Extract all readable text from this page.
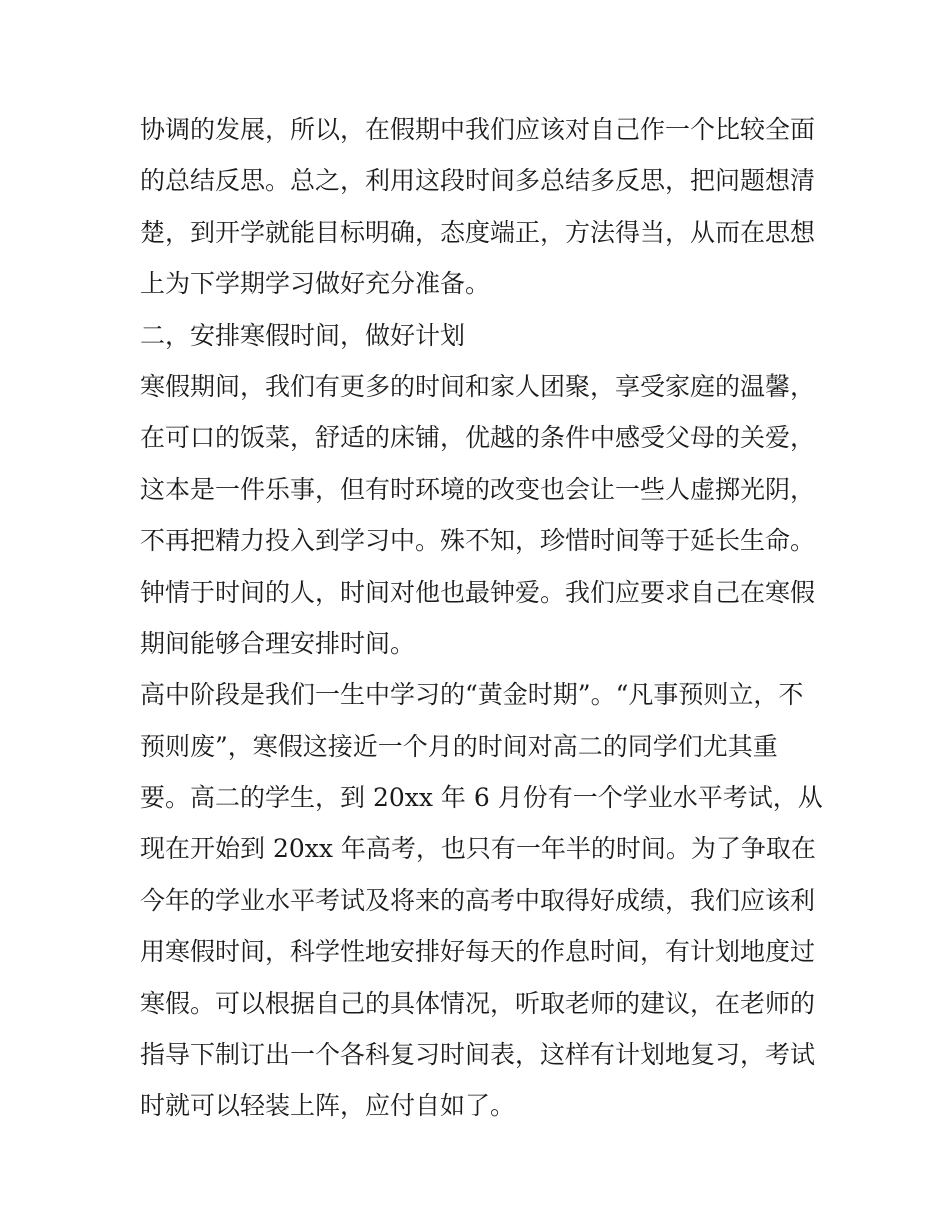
协调的发展，所以，在假期中我们应该对自己作一个比较全面
的总结反思。总之，利用这段时间多总结多反思，把问题想清
楚，到开学就能目标明确，态度端正，方法得当，从而在思想
上为下学期学习做好充分准备。
二，安排寒假时间，做好计划
寒假期间，我们有更多的时间和家人团聚，享受家庭的温馨，
在可口的饭菜，舒适的床铺，优越的条件中感受父母的关爱，
这本是一件乐事，但有时环境的改变也会让一些人虚掷光阴，
不再把精力投入到学习中。殊不知，珍惜时间等于延长生命。
钟情于时间的人，时间对他也最钟爱。我们应要求自己在寒假
期间能够合理安排时间。
高中阶段是我们一生中学习的“黄金时期”。“凡事预则立，不
预则废”，寒假这接近一个月的时间对高二的同学们尤其重
要。高二的学生，到 20xx 年 6 月份有一个学业水平考试，从
现在开始到 20xx 年高考，也只有一年半的时间。为了争取在
今年的学业水平考试及将来的高考中取得好成绩，我们应该利
用寒假时间，科学性地安排好每天的作息时间，有计划地度过
寒假。可以根据自己的具体情况，听取老师的建议，在老师的
指导下制订出一个各科复习时间表，这样有计划地复习，考试
时就可以轻装上阵，应付自如了。
